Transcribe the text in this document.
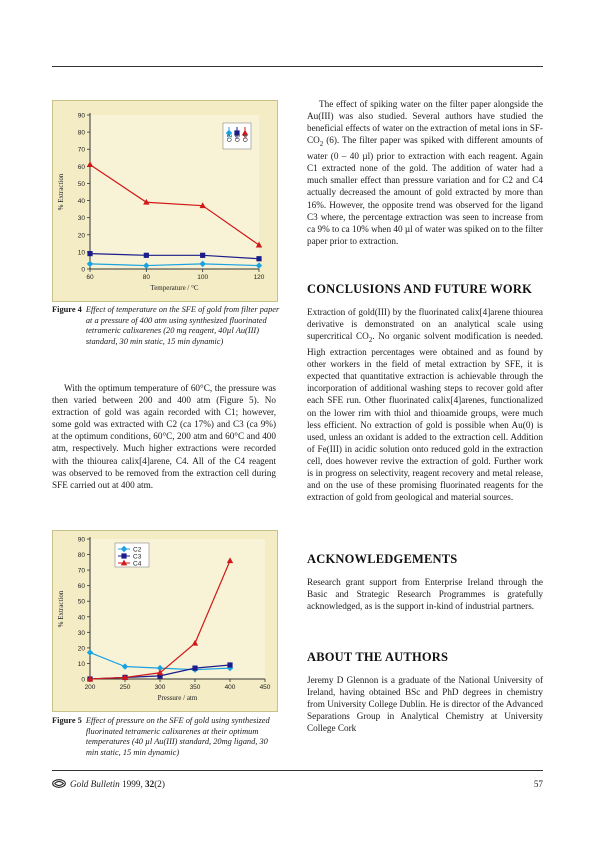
0
10
20
30
40
50
60
70
80
90
60	80	100	120
Temperature / °C
% Extraction
C2 C3 C4
Figure 4 Effect of temperature on the SFE of gold from filter paper at a pressure of 400 atm using synthesized fluorinated tetrameric calixarenes (20 mg reagent, 40µl Au(III) standard, 30 min static, 15 min dynamic)

With the optimum temperature of 60°C, the pressure was then varied between 200 and 400 atm (Figure 5). No extraction of gold was again recorded with C1; however, some gold was extracted with C2 (ca 17%) and C3 (ca 9%) at the optimum conditions, 60°C, 200 atm and 60°C and 400 atm, respectively. Much higher extractions were recorded with the thiourea calix[4]arene, C4. All of the C4 reagent was observed to be removed from the extraction cell during SFE carried out at 400 atm.

0
10
20
30
40
50
60
70
80
90
200	250	300	350	400	450
Pressure / atm
% Extraction
C2
C3
C4
Figure 5 Effect of pressure on the SFE of gold using synthesized fluorinated tetrameric calixarenes at their optimum temperatures (40 µl Au(III) standard, 20mg ligand, 30 min static, 15 min dynamic)

The effect of spiking water on the filter paper alongside the Au(III) was also studied. Several authors have studied the beneficial effects of water on the extraction of metal ions in $SF-CO_2$ (6). The filter paper was spiked with different amounts of water (0 – 40 µl) prior to extraction with each reagent. Again C1 extracted none of the gold. The addition of water had a much smaller effect than pressure variation and for C2 and C4 actually decreased the amount of gold extracted by more than 16%. However, the opposite trend was observed for the ligand C3 where, the percentage extraction was seen to increase from ca 9% to ca 10% when 40 µl of water was spiked on to the filter paper prior to extraction.

CONCLUSIONS AND FUTURE WORK

Extraction of gold(III) by the fluorinated calix[4]arene thiourea derivative is demonstrated on an analytical scale using supercritical $CO_2$. No organic solvent modification is needed. High extraction percentages were obtained and as found by other workers in the field of metal extraction by SFE, it is expected that quantitative extraction is achievable through the incorporation of additional washing steps to recover gold after each SFE run. Other fluorinated calix[4]arenes, functionalized on the lower rim with thiol and thioamide groups, were much less efficient. No extraction of gold is possible when Au(0) is used, unless an oxidant is added to the extraction cell. Addition of Fe(III) in acidic solution onto reduced gold in the extraction cell, does however revive the extraction of gold. Further work is in progress on selectivity, reagent recovery and metal release, and on the use of these promising fluorinated reagents for the extraction of gold from geological and material sources.

ACKNOWLEDGEMENTS

Research grant support from Enterprise Ireland through the Basic and Strategic Research Programmes is gratefully acknowledged, as is the support in-kind of industrial partners.

ABOUT THE AUTHORS

Jeremy D Glennon is a graduate of the National University of Ireland, having obtained BSc and PhD degrees in chemistry from University College Dublin. He is director of the Advanced Separations Group in Analytical Chemistry at University College Cork

Gold Bulletin 1999, 32(2)	57
